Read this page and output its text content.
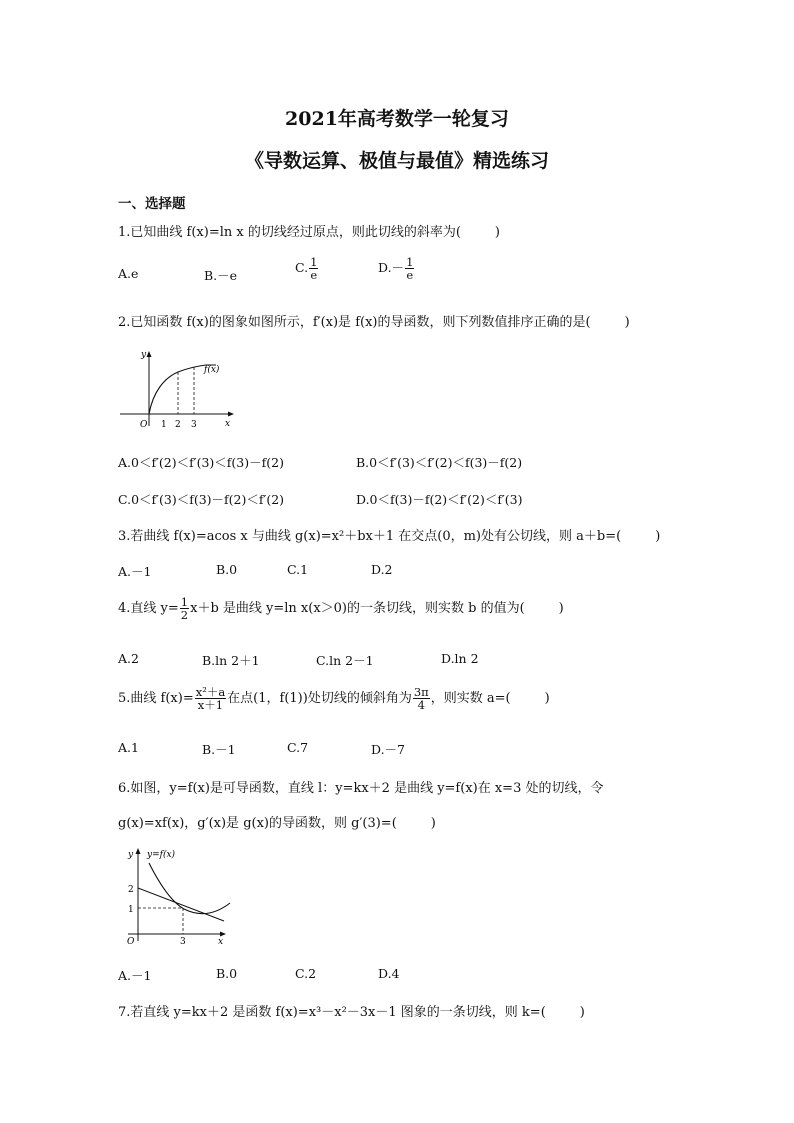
2021年高考数学一轮复习
《导数运算、极值与最值》精选练习
一、选择题
1.已知曲线 f(x)=ln x 的切线经过原点，则此切线的斜率为(	)
A.e	B.－e
C. $\frac{1}{e}$	$D.- \frac{1}{e}$
2.已知函数 f(x)的图象如图所示，f′(x)是 f(x)的导函数，则下列数值排序正确的是(	)
y
x
O 1 2 3
f(x)
A.0＜f′(2)＜f′(3)＜f(3)－f(2)	B.0＜f′(3)＜f′(2)＜f(3)－f(2)
C.0＜f′(3)＜f(3)－f(2)＜f′(2)	D.0＜f(3)－f(2)＜f′(2)＜f′(3)
3.若曲线 f(x)=acos x 与曲线 g(x)=x²＋bx＋1 在交点(0，m)处有公切线，则 a＋b=(	)
A.－1	B.0	C.1	D.2
4.直线 $y= \frac{1}{2} x+b$ 是曲线 y=ln x(x＞0)的一条切线，则实数 b 的值为(	)
A.2	B.ln 2＋1	C.ln 2－1	D.ln 2
5.曲线 $f(x)= \frac{\text{x²＋a}}{x+1}$ 在点(1，f(1))处切线的倾斜角为 $\frac{3\pi}{4}$ ，则实数 a=(	)
A.1	B.－1	C.7	D.－7
6.如图，y=f(x)是可导函数，直线 l：y=kx＋2 是曲线 y=f(x)在 x=3 处的切线，令
g(x)=xf(x)，g′(x)是 g(x)的导函数，则 g′(3)=(	)
y y=f(x)
x
O
2
1
3
A.－1	B.0	C.2	D.4
7.若直线 y=kx＋2 是函数 f(x)=x³－x²－3x－1 图象的一条切线，则 k=(	)
